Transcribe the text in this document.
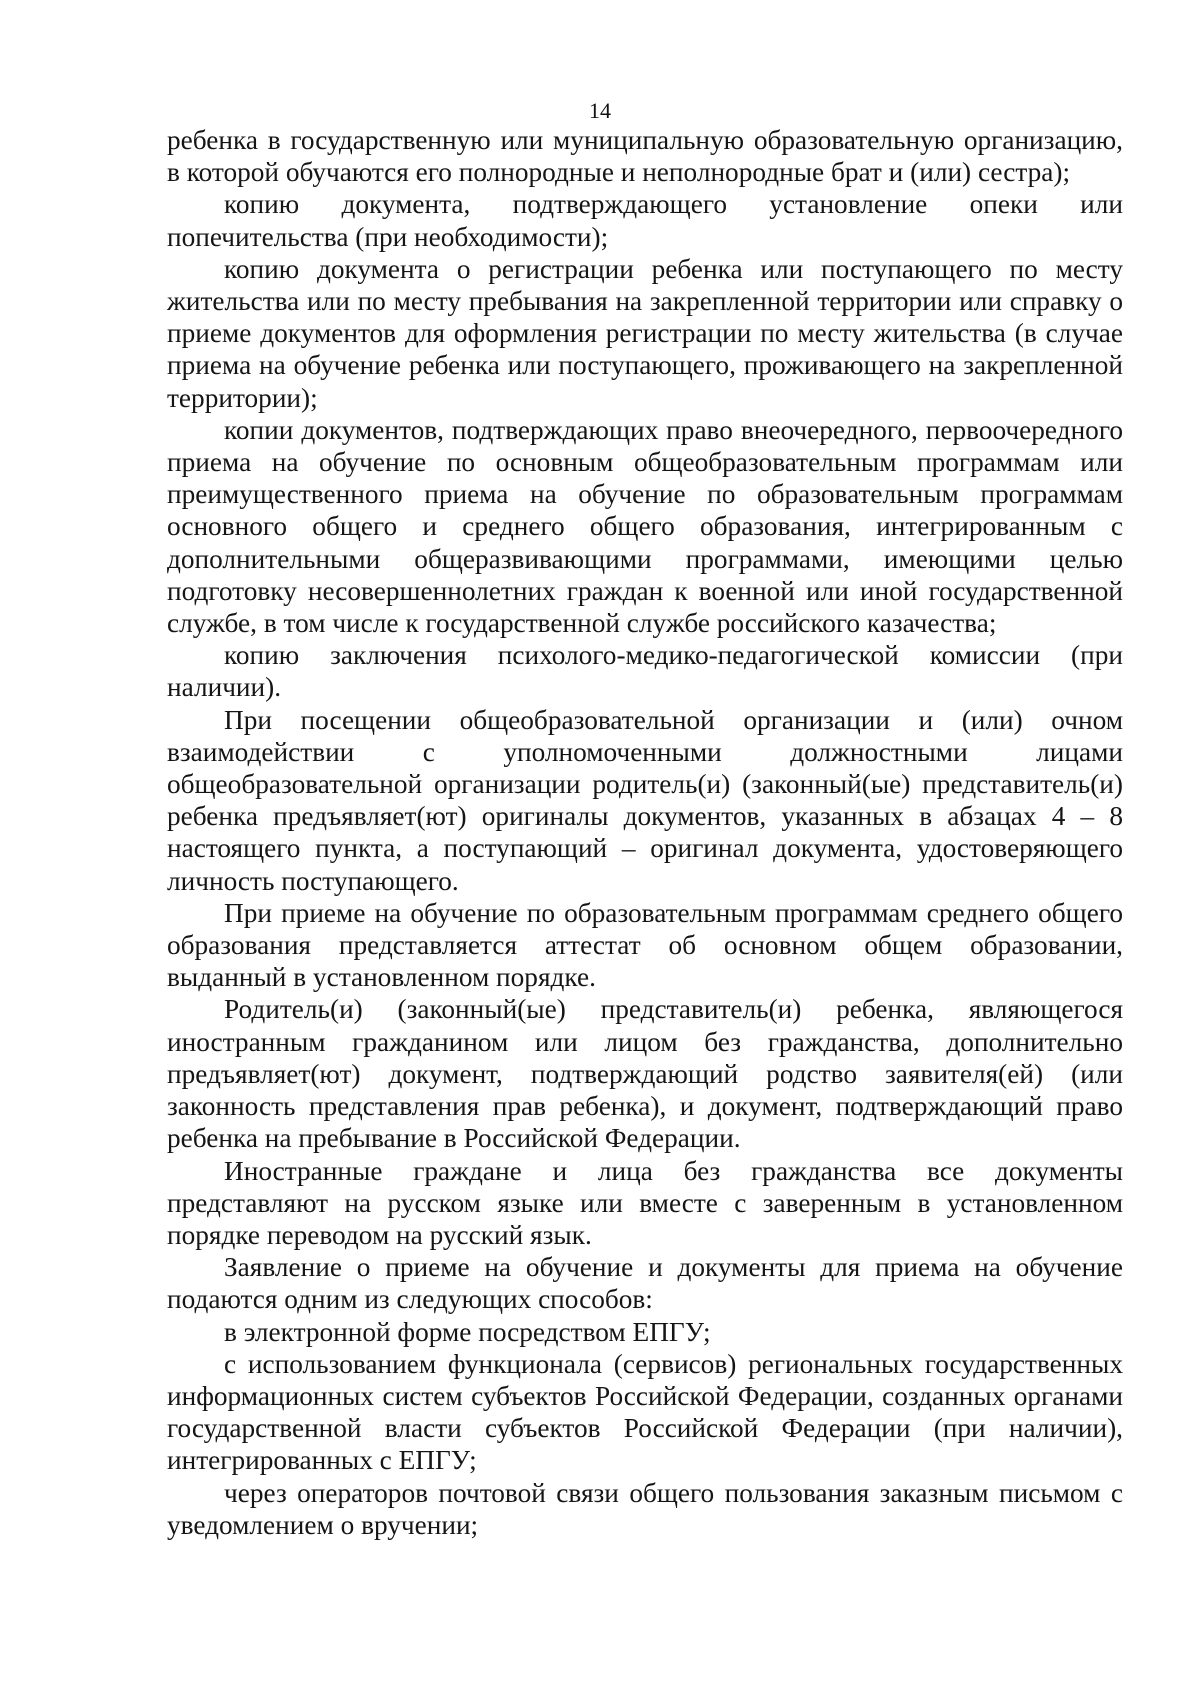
14

ребенка в государственную или муниципальную образовательную организацию, в которой обучаются его полнородные и неполнородные брат и (или) сестра);

копию документа, подтверждающего установление опеки или попечительства (при необходимости);

копию документа о регистрации ребенка или поступающего по месту жительства или по месту пребывания на закрепленной территории или справку о приеме документов для оформления регистрации по месту жительства (в случае приема на обучение ребенка или поступающего, проживающего на закрепленной территории);

копии документов, подтверждающих право внеочередного, первоочередного приема на обучение по основным общеобразовательным программам или преимущественного приема на обучение по образовательным программам основного общего и среднего общего образования, интегрированным с дополнительными общеразвивающими программами, имеющими целью подготовку несовершеннолетних граждан к военной или иной государственной службе, в том числе к государственной службе российского казачества;

копию заключения психолого-медико-педагогической комиссии (при наличии).

При посещении общеобразовательной организации и (или) очном взаимодействии с уполномоченными должностными лицами общеобразовательной организации родитель(и) (законный(ые) представитель(и) ребенка предъявляет(ют) оригиналы документов, указанных в абзацах 4 – 8 настоящего пункта, а поступающий – оригинал документа, удостоверяющего личность поступающего.

При приеме на обучение по образовательным программам среднего общего образования представляется аттестат об основном общем образовании, выданный в установленном порядке.

Родитель(и) (законный(ые) представитель(и) ребенка, являющегося иностранным гражданином или лицом без гражданства, дополнительно предъявляет(ют) документ, подтверждающий родство заявителя(ей) (или законность представления прав ребенка), и документ, подтверждающий право ребенка на пребывание в Российской Федерации.

Иностранные граждане и лица без гражданства все документы представляют на русском языке или вместе с заверенным в установленном порядке переводом на русский язык.

Заявление о приеме на обучение и документы для приема на обучение подаются одним из следующих способов:

в электронной форме посредством ЕПГУ;

с использованием функционала (сервисов) региональных государственных информационных систем субъектов Российской Федерации, созданных органами государственной власти субъектов Российской Федерации (при наличии), интегрированных с ЕПГУ;

через операторов почтовой связи общего пользования заказным письмом с уведомлением о вручении;
